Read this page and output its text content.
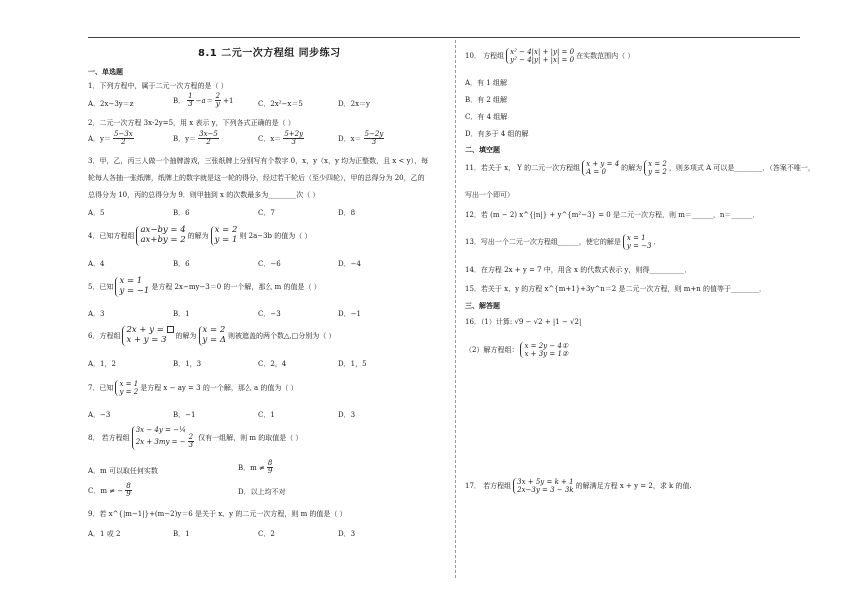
8.1 二元一次方程组 同步练习
一、单选题
1．下列方程中，属于二元一次方程的是（ ）
A．2x−3y＝z	B． $\frac{1}{3} -a= \frac{2}{y} +1$	C．2x²−x＝5	D．2x＝y
2．二元一次方程 3x-2y=5，用 x 表示 y，下列各式正确的是（ ）
A．$y= \frac{5-3x}{2}$	B．$y= \frac{3x-5}{2}$	C．$x= \frac{5+2y}{3}$	D．$x= \frac{5-2y}{3}$
3．甲，乙，丙三人做一个抽牌游戏，三张纸牌上分别写有个数字 0，x，y（x，y 均为正整数，且 x < y），每
轮每人各抽一张纸牌，纸牌上的数字就是这一轮的得分，经过若干轮后（至少四轮），甲的总得分为 20，乙的
总得分为 10，丙的总得分为 9．则甲抽到 x 的次数最多为________次（ ）
A．5	B．6	C．7	D．8
4．已知方程组
ax−by = 4
ax+by = 2 的解为
x = 2
y = 1 则 2a−3b 的值为（ ）
A．4	B．6	C．−6	D．−4
5．已知
x = 1
y = −1 是方程 2x−my−3＝0 的一个解，那么 m 的值是（ ）
A．3	B．1	C．−3	D．−1
6．方程组
2x + y =
x + y = 3	的解为
x = 2
y = Δ 则被遮盖的两个数△,□分别为（ ）
A．1，2	B．1，3	C．2，4	D．1，5
7．已知
x = 1
y = 2 是方程 x − ay = 3 的一个解，那么 a 的值为（ ）
A．−3	B．−1	C．1	D．3
8． 若方程组
3x − 4y = −¼
2x + 3my = − $\frac{2}{3}$ 仅有一组解，则 m 的取值是（ ）
A．m 可以取任何实数	B．$m \ne \frac{8}{9}$
C．m ≠ − $\frac{8}{9}$	D．以上均不对
9．若 x^{|m−1|}+(m−2)y＝6 是关于 x、y 的二元一次方程，则 m 的值是（ ）
A．1 或 2	B．1	C．2	D．3
10． 方程组
x² − 4|x| + |y| = 0
y² − 4|y| + |x| = 0 在实数范围内（ ）
A．有 1 组解
B．有 2 组解
C．有 4 组解
D．有多于 4 组的解
二、填空题
11．若关于 x， Y 的二元一次方程组
x + y = 4
A = 0	的解为
x = 2
y = 2 ，则多项式 A 可以是________．（答案不唯一，
写出一个即可）
12．若 (m − 2) x^{|n|} + y^{m²−3} = 0 是二元一次方程，则 m＝______，n＝______．
13．写出一个二元一次方程组______，使它的解是
x = 1
y = −3 ．
14．在方程 2x + y = 7 中，用含 x 的代数式表示 y，则得__________．
15．若关于 x、y 的方程 x^{m+1}+3y^n＝2 是二元一次方程，则 m+n 的值等于________．
三、解答题
16．（1）计算: √9 − √2 + |1 − √2|
（2）解方程组：
x = 2y − 4①
x + 3y = 1②
17． 若方程组
3x + 5y = k + 1
2x−3y = 3 − 3k 的解满足方程 x + y = 2，求 k 的值.
